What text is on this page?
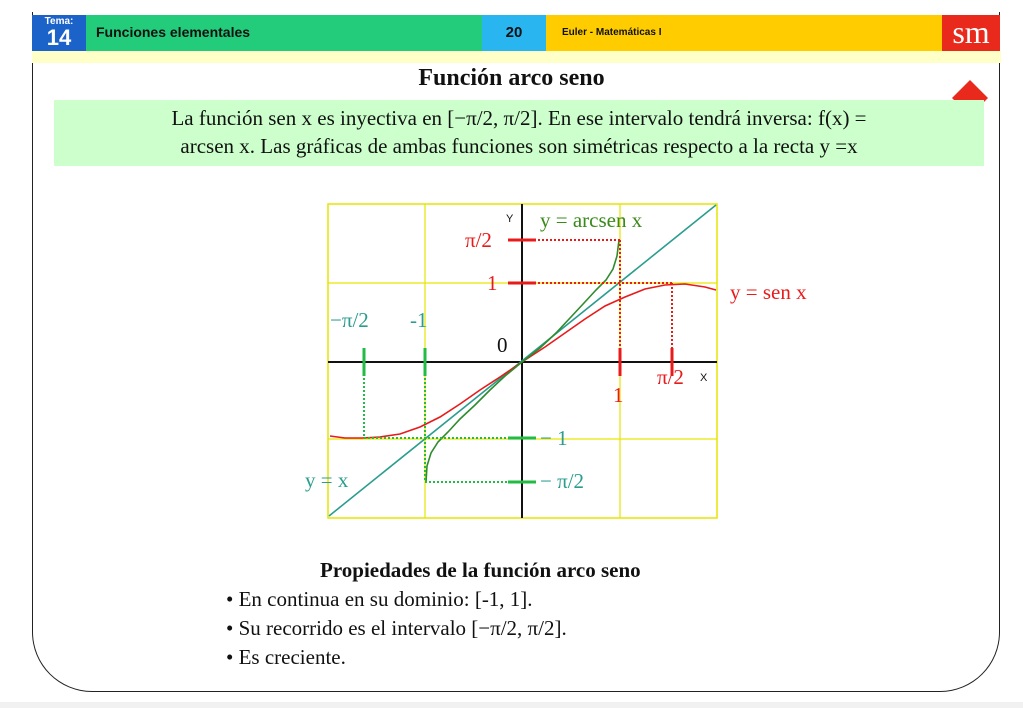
Tema:
14	Funciones elementales	20	Euler - Matemáticas I	sm
Función arco seno
La función sen x es inyectiva en [−π/2, π/2]. En ese intervalo tendrá inversa: f(x) =
arcsen x. Las gráficas de ambas funciones son simétricas respecto a la recta y =x
Y
X
0
y = arcsen x
y = sen x
y = x
π/2
1
−π/2 -1
1
π/2
− 1
− π/2
Propiedades de la función arco seno
• En continua en su dominio: [-1, 1].
• Su recorrido es el intervalo [−π/2, π/2].
• Es creciente.
